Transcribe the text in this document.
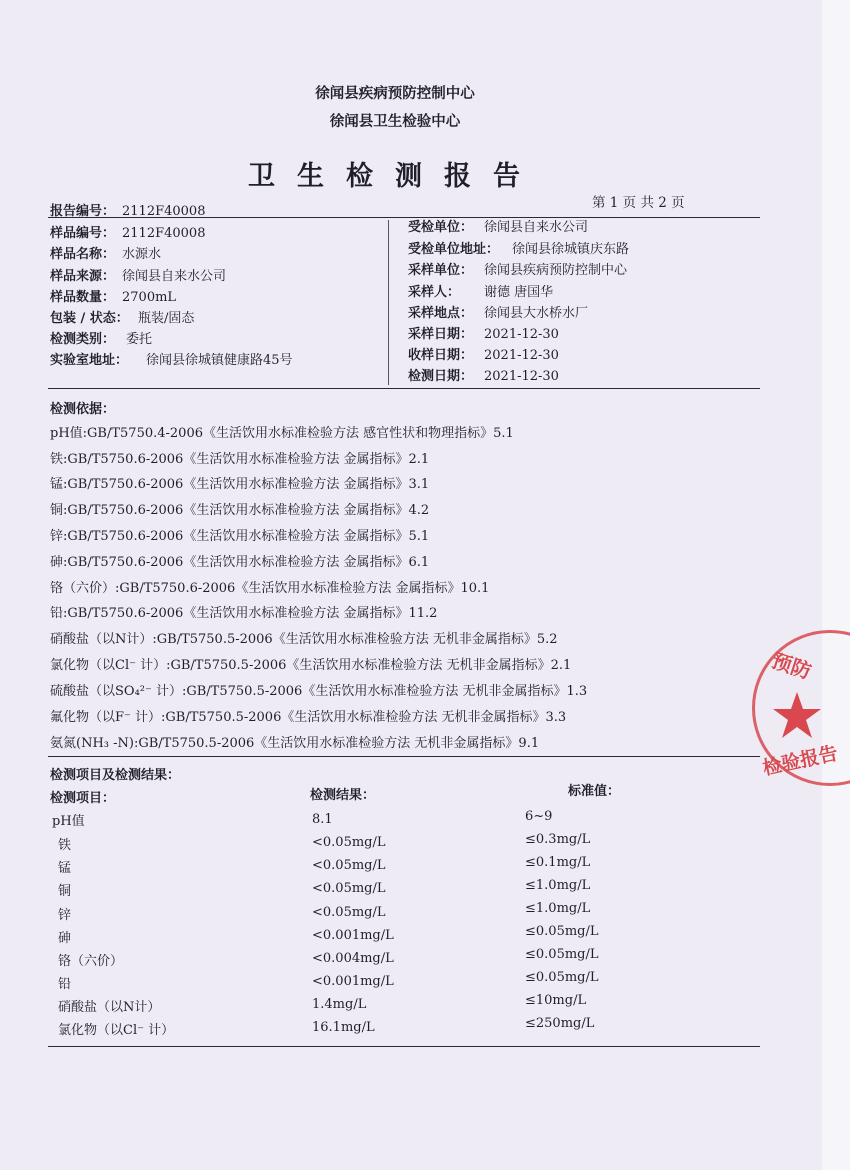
徐闻县疾病预防控制中心
徐闻县卫生检验中心
卫生检测报告
第 1 页 共 2 页
报告编号： 2112F40008
样品编号： 2112F40008
样品名称： 水源水
样品来源： 徐闻县自来水公司
样品数量： 2700mL
包装 / 状态： 瓶装/固态
检测类别： 委托
实验室地址： 徐闻县徐城镇健康路45号
受检单位： 徐闻县自来水公司
受检单位地址： 徐闻县徐城镇庆东路
采样单位： 徐闻县疾病预防控制中心
采样人： 谢德 唐国华
采样地点： 徐闻县大水桥水厂
采样日期： 2021-12-30
收样日期： 2021-12-30
检测日期： 2021-12-30
检测依据：
pH值:GB/T5750.4-2006《生活饮用水标准检验方法 感官性状和物理指标》5.1
铁:GB/T5750.6-2006《生活饮用水标准检验方法 金属指标》2.1
锰:GB/T5750.6-2006《生活饮用水标准检验方法 金属指标》3.1
铜:GB/T5750.6-2006《生活饮用水标准检验方法 金属指标》4.2
锌:GB/T5750.6-2006《生活饮用水标准检验方法 金属指标》5.1
砷:GB/T5750.6-2006《生活饮用水标准检验方法 金属指标》6.1
铬（六价）:GB/T5750.6-2006《生活饮用水标准检验方法 金属指标》10.1
铅:GB/T5750.6-2006《生活饮用水标准检验方法 金属指标》11.2
硝酸盐（以N计）:GB/T5750.5-2006《生活饮用水标准检验方法 无机非金属指标》5.2
氯化物（以Cl⁻ 计）:GB/T5750.5-2006《生活饮用水标准检验方法 无机非金属指标》2.1
硫酸盐（以SO₄²⁻ 计）:GB/T5750.5-2006《生活饮用水标准检验方法 无机非金属指标》1.3
氟化物（以F⁻ 计）:GB/T5750.5-2006《生活饮用水标准检验方法 无机非金属指标》3.3
氨氮(NH₃ -N):GB/T5750.5-2006《生活饮用水标准检验方法 无机非金属指标》9.1
检测项目及检测结果：
检测项目：	检测结果：	标准值：
pH值	8.1	6~9
铁	<0.05mg/L	≤0.3mg/L
锰	<0.05mg/L	≤0.1mg/L
铜	<0.05mg/L	≤1.0mg/L
锌	<0.05mg/L	≤1.0mg/L
砷	<0.001mg/L	≤0.05mg/L
铬（六价）	<0.004mg/L	≤0.05mg/L
铅	<0.001mg/L	≤0.05mg/L
硝酸盐（以N计）	1.4mg/L	≤10mg/L
氯化物（以Cl⁻ 计）	16.1mg/L	≤250mg/L
预防
检验报告
